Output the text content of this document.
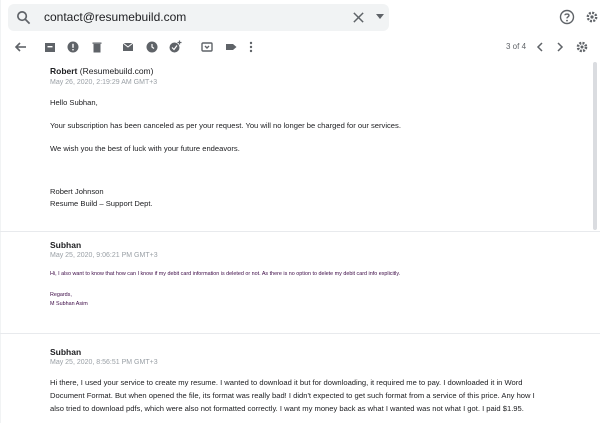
contact@resumebuild.com
3 of 4
Robert (Resumebuild.com)
May 26, 2020, 2:19:29 AM GMT+3
Hello Subhan,
Your subscription has been canceled as per your request. You will no longer be charged for our services.
We wish you the best of luck with your future endeavors.
Robert Johnson
Resume Build – Support Dept.
Subhan
May 25, 2020, 9:06:21 PM GMT+3
Hi, I also want to know that how can I know if my debit card information is deleted or not. As there is no option to delete my debit card info explicitly.
Regards,
M Subhan Asim
Subhan
May 25, 2020, 8:56:51 PM GMT+3
Hi there, I used your service to create my resume. I wanted to download it but for downloading, it required me to pay. I downloaded it in Word
Document Format. But when opened the file, its format was really bad! I didn't expected to get such format from a service of this price. Any how I
also tried to download pdfs, which were also not formatted correctly. I want my money back as what I wanted was not what I got. I paid $1.95.
